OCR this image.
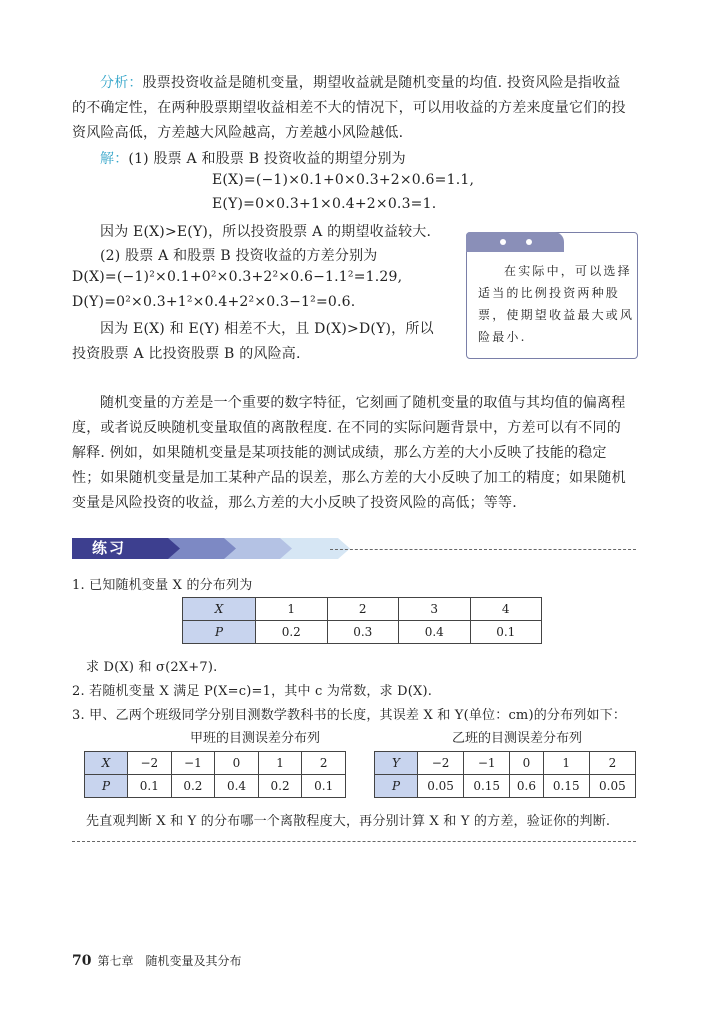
分析：股票投资收益是随机变量，期望收益就是随机变量的均值. 投资风险是指收益
的不确定性，在两种股票期望收益相差不大的情况下，可以用收益的方差来度量它们的投
资风险高低，方差越大风险越高，方差越小风险越低.
解：(1) 股票 A 和股票 B 投资收益的期望分别为
E(X)=(−1)×0.1+0×0.3+2×0.6=1.1,
E(Y)=0×0.3+1×0.4+2×0.3=1.
因为 E(X)>E(Y)，所以投资股票 A 的期望收益较大.
(2) 股票 A 和股票 B 投资收益的方差分别为
D(X)=(−1)²×0.1+0²×0.3+2²×0.6−1.1²=1.29,
D(Y)=0²×0.3+1²×0.4+2²×0.3−1²=0.6.
因为 E(X) 和 E(Y) 相差不大，且 D(X)>D(Y)，所以
投资股票 A 比投资股票 B 的风险高.
在实际中，可以选择
适当的比例投资两种股
票，使期望收益最大或风
险最小.
随机变量的方差是一个重要的数字特征，它刻画了随机变量的取值与其均值的偏离程
度，或者说反映随机变量取值的离散程度. 在不同的实际问题背景中，方差可以有不同的
解释. 例如，如果随机变量是某项技能的测试成绩，那么方差的大小反映了技能的稳定
性；如果随机变量是加工某种产品的误差，那么方差的大小反映了加工的精度；如果随机
变量是风险投资的收益，那么方差的大小反映了投资风险的高低；等等.
练习
1. 已知随机变量 X 的分布列为
X	1	2	3	4
P	0.2	0.3	0.4	0.1
求 D(X) 和 σ(2X+7).
2. 若随机变量 X 满足 P(X=c)=1，其中 c 为常数，求 D(X).
3. 甲、乙两个班级同学分别目测数学教科书的长度，其误差 X 和 Y(单位：cm)的分布列如下：
甲班的目测误差分布列	乙班的目测误差分布列
X	−2	−1	0	1	2
P	0.1	0.2	0.4	0.2	0.1
Y	−2	−1	0	1	2
P	0.05	0.15	0.6	0.15	0.05
先直观判断 X 和 Y 的分布哪一个离散程度大，再分别计算 X 和 Y 的方差，验证你的判断.
70 第七章　随机变量及其分布
